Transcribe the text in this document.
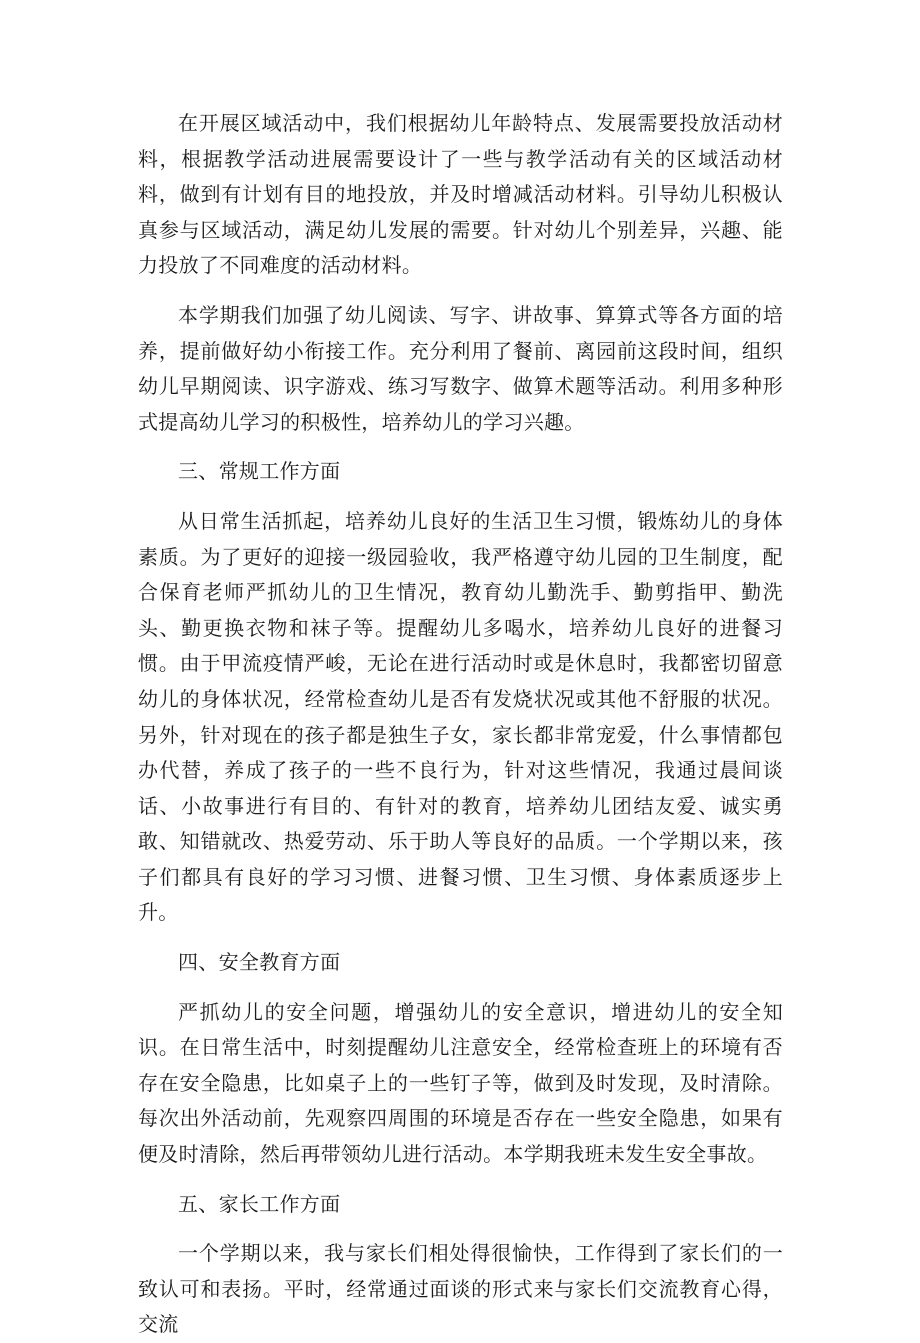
在开展区域活动中，我们根据幼儿年龄特点、发展需要投放活动材料，根据教学活动进展需要设计了一些与教学活动有关的区域活动材料，做到有计划有目的地投放，并及时增减活动材料。引导幼儿积极认真参与区域活动，满足幼儿发展的需要。针对幼儿个别差异，兴趣、能力投放了不同难度的活动材料。

本学期我们加强了幼儿阅读、写字、讲故事、算算式等各方面的培养，提前做好幼小衔接工作。充分利用了餐前、离园前这段时间，组织幼儿早期阅读、识字游戏、练习写数字、做算术题等活动。利用多种形式提高幼儿学习的积极性，培养幼儿的学习兴趣。

三、常规工作方面

从日常生活抓起，培养幼儿良好的生活卫生习惯，锻炼幼儿的身体素质。为了更好的迎接一级园验收，我严格遵守幼儿园的卫生制度，配合保育老师严抓幼儿的卫生情况，教育幼儿勤洗手、勤剪指甲、勤洗头、勤更换衣物和袜子等。提醒幼儿多喝水，培养幼儿良好的进餐习惯。由于甲流疫情严峻，无论在进行活动时或是休息时，我都密切留意幼儿的身体状况，经常检查幼儿是否有发烧状况或其他不舒服的状况。另外，针对现在的孩子都是独生子女，家长都非常宠爱，什么事情都包办代替，养成了孩子的一些不良行为，针对这些情况，我通过晨间谈话、小故事进行有目的、有针对的教育，培养幼儿团结友爱、诚实勇敢、知错就改、热爱劳动、乐于助人等良好的品质。一个学期以来，孩子们都具有良好的学习习惯、进餐习惯、卫生习惯、身体素质逐步上升。

四、安全教育方面

严抓幼儿的安全问题，增强幼儿的安全意识，增进幼儿的安全知识。在日常生活中，时刻提醒幼儿注意安全，经常检查班上的环境有否存在安全隐患，比如桌子上的一些钉子等，做到及时发现，及时清除。每次出外活动前，先观察四周围的环境是否存在一些安全隐患，如果有便及时清除，然后再带领幼儿进行活动。本学期我班未发生安全事故。

五、家长工作方面

一个学期以来，我与家长们相处得很愉快，工作得到了家长们的一致认可和表扬。平时，经常通过面谈的形式来与家长们交流教育心得，交流
